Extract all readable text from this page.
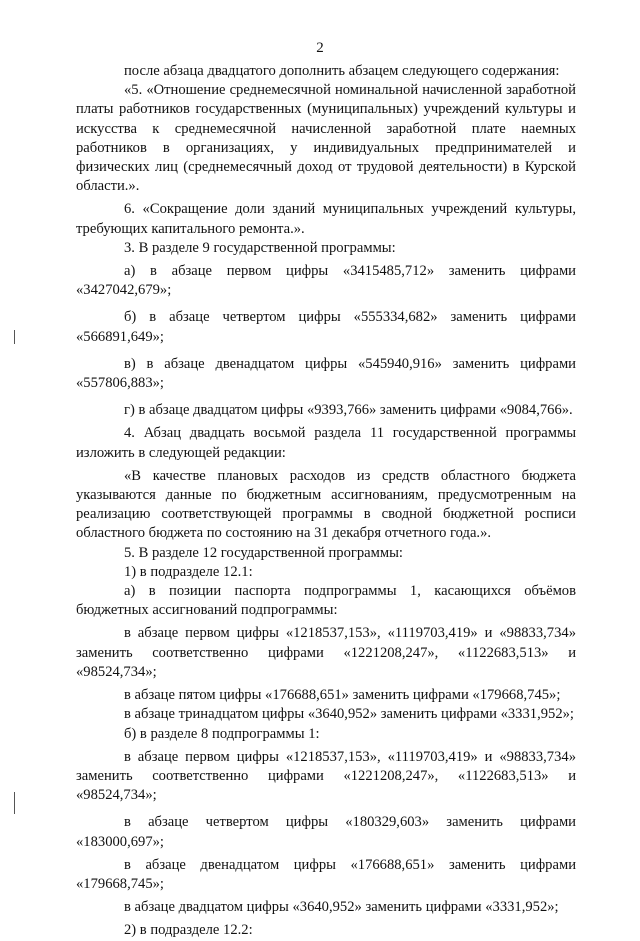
2

после абзаца двадцатого дополнить абзацем следующего содержания:

«5. «Отношение среднемесячной номинальной начисленной заработной платы работников государственных (муниципальных) учреждений культуры и искусства к среднемесячной начисленной заработной плате наемных работников в организациях, у индивидуальных предпринимателей и физических лиц (среднемесячный доход от трудовой деятельности) в Курской области.».

6. «Сокращение доли зданий муниципальных учреждений культуры, требующих капитального ремонта.».

3. В разделе 9 государственной программы:

а) в абзаце первом цифры «3415485,712» заменить цифрами «3427042,679»;

б) в абзаце четвертом цифры «555334,682» заменить цифрами «566891,649»;

в) в абзаце двенадцатом цифры «545940,916» заменить цифрами «557806,883»;

г) в абзаце двадцатом цифры «9393,766» заменить цифрами «9084,766».

4. Абзац двадцать восьмой раздела 11 государственной программы изложить в следующей редакции:

«В качестве плановых расходов из средств областного бюджета указываются данные по бюджетным ассигнованиям, предусмотренным на реализацию соответствующей программы в сводной бюджетной росписи областного бюджета по состоянию на 31 декабря отчетного года.».

5. В разделе 12 государственной программы:

1) в подразделе 12.1:

а) в позиции паспорта подпрограммы 1, касающихся объёмов бюджетных ассигнований подпрограммы:

в абзаце первом цифры «1218537,153», «1119703,419» и «98833,734» заменить соответственно цифрами «1221208,247», «1122683,513» и «98524,734»;

в абзаце пятом цифры «176688,651» заменить цифрами «179668,745»;

в абзаце тринадцатом цифры «3640,952» заменить цифрами «3331,952»;

б) в разделе 8 подпрограммы 1:

в абзаце первом цифры «1218537,153», «1119703,419» и «98833,734» заменить соответственно цифрами «1221208,247», «1122683,513» и «98524,734»;

в абзаце четвертом цифры «180329,603» заменить цифрами «183000,697»;

в абзаце двенадцатом цифры «176688,651» заменить цифрами «179668,745»;

в абзаце двадцатом цифры «3640,952» заменить цифрами «3331,952»;

2) в подразделе 12.2:
